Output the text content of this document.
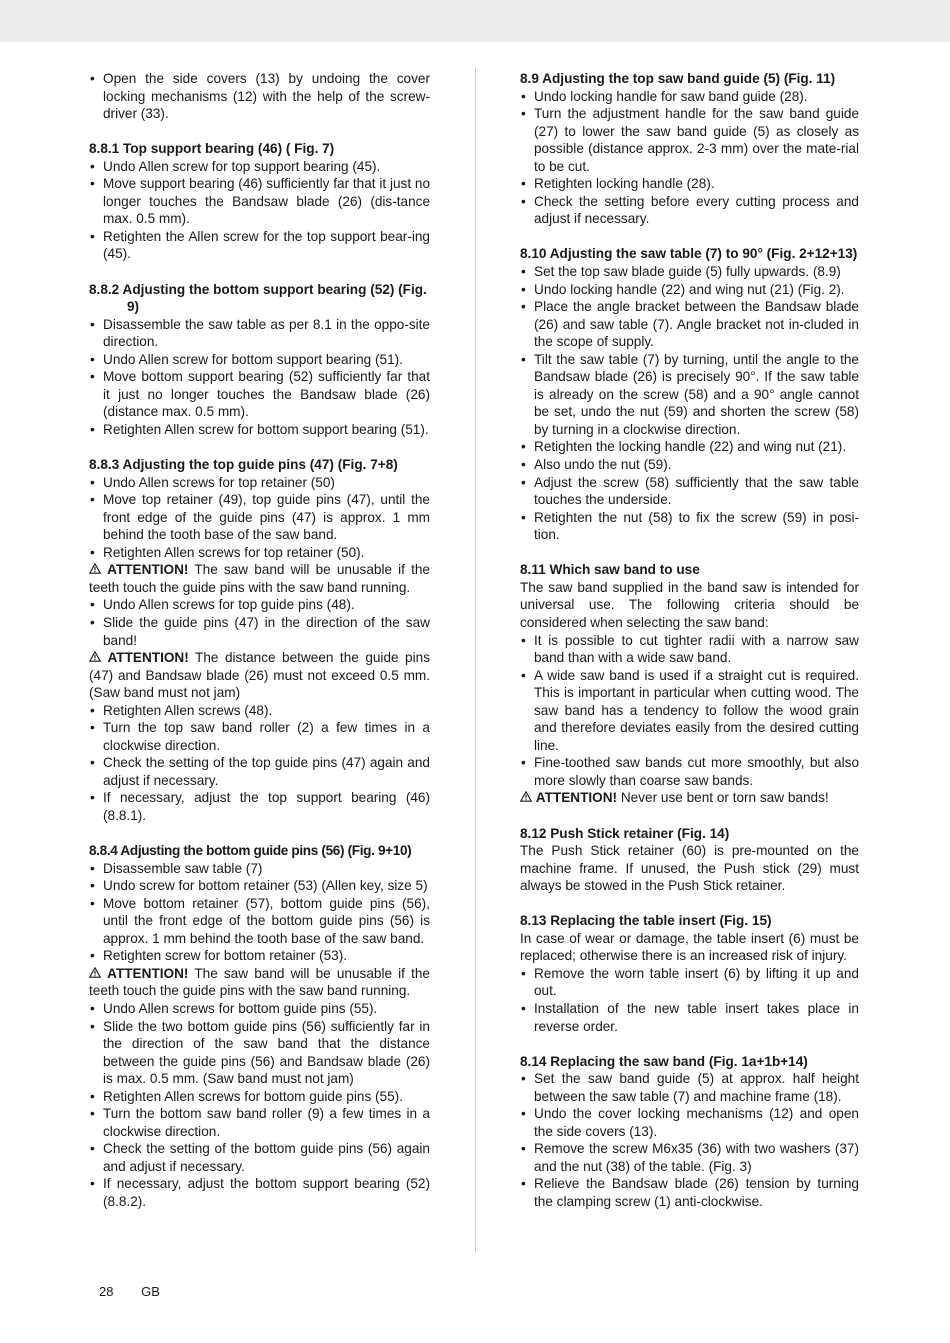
• Open the side covers (13) by undoing the cover locking mechanisms (12) with the help of the screw-driver (33).
8.8.1 Top support bearing (46) ( Fig. 7)
• Undo Allen screw for top support bearing (45).
• Move support bearing (46) sufficiently far that it just no longer touches the Bandsaw blade (26) (dis-tance max. 0.5 mm).
• Retighten the Allen screw for the top support bear-ing (45).
8.8.2 Adjusting the bottom support bearing (52) (Fig. 9)
• Disassemble the saw table as per 8.1 in the oppo-site direction.
• Undo Allen screw for bottom support bearing (51).
• Move bottom support bearing (52) sufficiently far that it just no longer touches the Bandsaw blade (26) (distance max. 0.5 mm).
• Retighten Allen screw for bottom support bearing (51).
8.8.3 Adjusting the top guide pins (47) (Fig. 7+8)
• Undo Allen screws for top retainer (50)
• Move top retainer (49), top guide pins (47), until the front edge of the guide pins (47) is approx. 1 mm behind the tooth base of the saw band.
• Retighten Allen screws for top retainer (50).
ATTENTION! The saw band will be unusable if the teeth touch the guide pins with the saw band running.
• Undo Allen screws for top guide pins (48).
• Slide the guide pins (47) in the direction of the saw band!
ATTENTION! The distance between the guide pins (47) and Bandsaw blade (26) must not exceed 0.5 mm. (Saw band must not jam)
• Retighten Allen screws (48).
• Turn the top saw band roller (2) a few times in a clockwise direction.
• Check the setting of the top guide pins (47) again and adjust if necessary.
• If necessary, adjust the top support bearing (46) (8.8.1).
8.8.4 Adjusting the bottom guide pins (56) (Fig. 9+10)
• Disassemble saw table (7)
• Undo screw for bottom retainer (53) (Allen key, size 5)
• Move bottom retainer (57), bottom guide pins (56), until the front edge of the bottom guide pins (56) is approx. 1 mm behind the tooth base of the saw band.
• Retighten screw for bottom retainer (53).
ATTENTION! The saw band will be unusable if the teeth touch the guide pins with the saw band running.
• Undo Allen screws for bottom guide pins (55).
• Slide the two bottom guide pins (56) sufficiently far in the direction of the saw band that the distance between the guide pins (56) and Bandsaw blade (26) is max. 0.5 mm. (Saw band must not jam)
• Retighten Allen screws for bottom guide pins (55).
• Turn the bottom saw band roller (9) a few times in a clockwise direction.
• Check the setting of the bottom guide pins (56) again and adjust if necessary.
• If necessary, adjust the bottom support bearing (52) (8.8.2).
8.9 Adjusting the top saw band guide (5) (Fig. 11)
• Undo locking handle for saw band guide (28).
• Turn the adjustment handle for the saw band guide (27) to lower the saw band guide (5) as closely as possible (distance approx. 2-3 mm) over the mate-rial to be cut.
• Retighten locking handle (28).
• Check the setting before every cutting process and adjust if necessary.
8.10 Adjusting the saw table (7) to 90° (Fig. 2+12+13)
• Set the top saw blade guide (5) fully upwards. (8.9)
• Undo locking handle (22) and wing nut (21) (Fig. 2).
• Place the angle bracket between the Bandsaw blade (26) and saw table (7). Angle bracket not in-cluded in the scope of supply.
• Tilt the saw table (7) by turning, until the angle to the Bandsaw blade (26) is precisely 90°. If the saw table is already on the screw (58) and a 90° angle cannot be set, undo the nut (59) and shorten the screw (58) by turning in a clockwise direction.
• Retighten the locking handle (22) and wing nut (21).
• Also undo the nut (59).
• Adjust the screw (58) sufficiently that the saw table touches the underside.
• Retighten the nut (58) to fix the screw (59) in posi-tion.
8.11 Which saw band to use
The saw band supplied in the band saw is intended for universal use. The following criteria should be considered when selecting the saw band:
• It is possible to cut tighter radii with a narrow saw band than with a wide saw band.
• A wide saw band is used if a straight cut is required. This is important in particular when cutting wood. The saw band has a tendency to follow the wood grain and therefore deviates easily from the desired cutting line.
• Fine-toothed saw bands cut more smoothly, but also more slowly than coarse saw bands.
ATTENTION! Never use bent or torn saw bands!
8.12 Push Stick retainer (Fig. 14)
The Push Stick retainer (60) is pre-mounted on the machine frame. If unused, the Push stick (29) must always be stowed in the Push Stick retainer.
8.13 Replacing the table insert (Fig. 15)
In case of wear or damage, the table insert (6) must be replaced; otherwise there is an increased risk of injury.
• Remove the worn table insert (6) by lifting it up and out.
• Installation of the new table insert takes place in reverse order.
8.14 Replacing the saw band (Fig. 1a+1b+14)
• Set the saw band guide (5) at approx. half height between the saw table (7) and machine frame (18).
• Undo the cover locking mechanisms (12) and open the side covers (13).
• Remove the screw M6x35 (36) with two washers (37) and the nut (38) of the table. (Fig. 3)
• Relieve the Bandsaw blade (26) tension by turning the clamping screw (1) anti-clockwise.
28 GB
